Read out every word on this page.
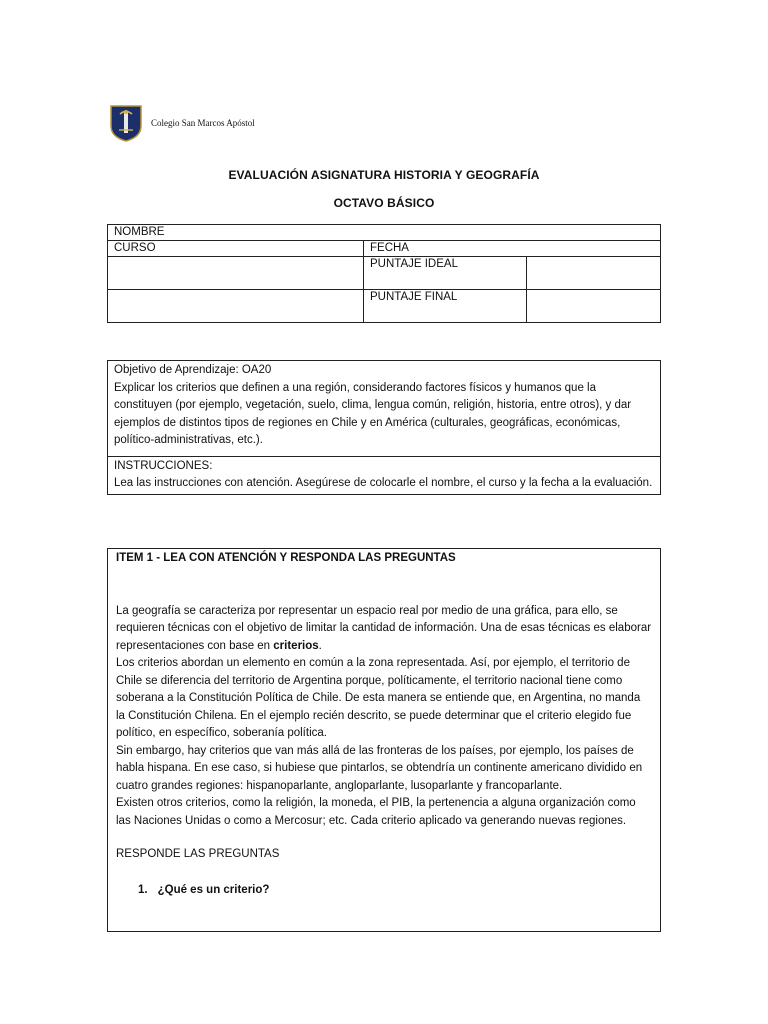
Colegio San Marcos Apóstol
EVALUACIÓN ASIGNATURA HISTORIA Y GEOGRAFÍA
OCTAVO BÁSICO
NOMBRE		
CURSO	FECHA	
	PUNTAJE IDEAL	
	PUNTAJE FINAL	
Objetivo de Aprendizaje: OA20
Explicar los criterios que definen a una región, considerando factores físicos y humanos que la constituyen (por ejemplo, vegetación, suelo, clima, lengua común, religión, historia, entre otros), y dar ejemplos de distintos tipos de regiones en Chile y en América (culturales, geográficas, económicas, político-administrativas, etc.).
INSTRUCCIONES:
Lea las instrucciones con atención. Asegúrese de colocarle el nombre, el curso y la fecha a la evaluación.
ITEM 1 - LEA CON ATENCIÓN Y RESPONDA LAS PREGUNTAS

La geografía se caracteriza por representar un espacio real por medio de una gráfica, para ello, se requieren técnicas con el objetivo de limitar la cantidad de información. Una de esas técnicas es elaborar representaciones con base en criterios.

Los criterios abordan un elemento en común a la zona representada. Así, por ejemplo, el territorio de Chile se diferencia del territorio de Argentina porque, políticamente, el territorio nacional tiene como soberana a la Constitución Política de Chile. De esta manera se entiende que, en Argentina, no manda la Constitución Chilena. En el ejemplo recién descrito, se puede determinar que el criterio elegido fue político, en específico, soberanía política.

Sin embargo, hay criterios que van más allá de las fronteras de los países, por ejemplo, los países de habla hispana. En ese caso, si hubiese que pintarlos, se obtendría un continente americano dividido en cuatro grandes regiones: hispanoparlante, angloparlante, lusoparlante y francoparlante.

Existen otros criterios, como la religión, la moneda, el PIB, la pertenencia a alguna organización como las Naciones Unidas o como a Mercosur; etc. Cada criterio aplicado va generando nuevas regiones.

RESPONDE LAS PREGUNTAS
1. ¿Qué es un criterio?
